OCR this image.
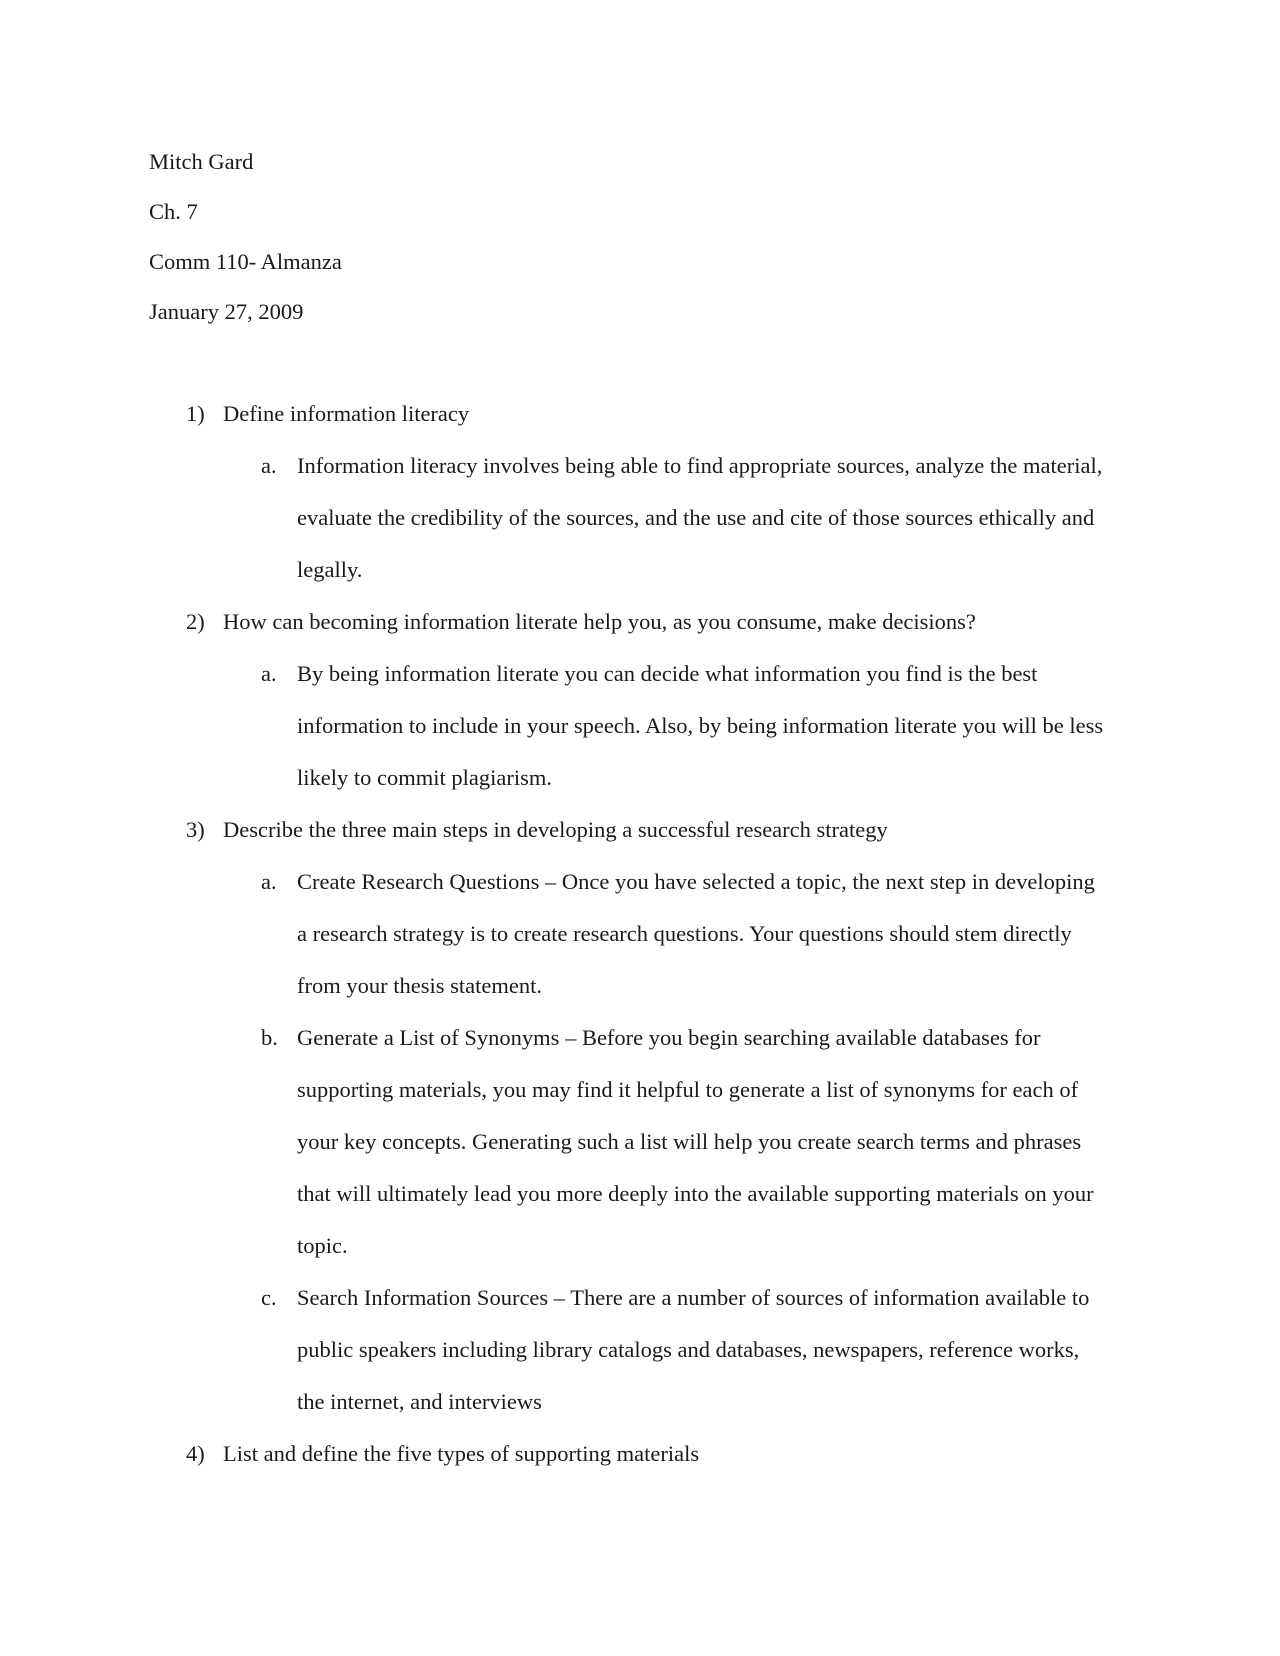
Mitch Gard
Ch. 7
Comm 110- Almanza
January 27, 2009
1) Define information literacy
a. Information literacy involves being able to find appropriate sources, analyze the material,
evaluate the credibility of the sources, and the use and cite of those sources ethically and
legally.
2) How can becoming information literate help you, as you consume, make decisions?
a. By being information literate you can decide what information you find is the best
information to include in your speech. Also, by being information literate you will be less
likely to commit plagiarism.
3) Describe the three main steps in developing a successful research strategy
a. Create Research Questions – Once you have selected a topic, the next step in developing
a research strategy is to create research questions. Your questions should stem directly
from your thesis statement.
b. Generate a List of Synonyms – Before you begin searching available databases for
supporting materials, you may find it helpful to generate a list of synonyms for each of
your key concepts. Generating such a list will help you create search terms and phrases
that will ultimately lead you more deeply into the available supporting materials on your
topic.
c. Search Information Sources – There are a number of sources of information available to
public speakers including library catalogs and databases, newspapers, reference works,
the internet, and interviews
4) List and define the five types of supporting materials
